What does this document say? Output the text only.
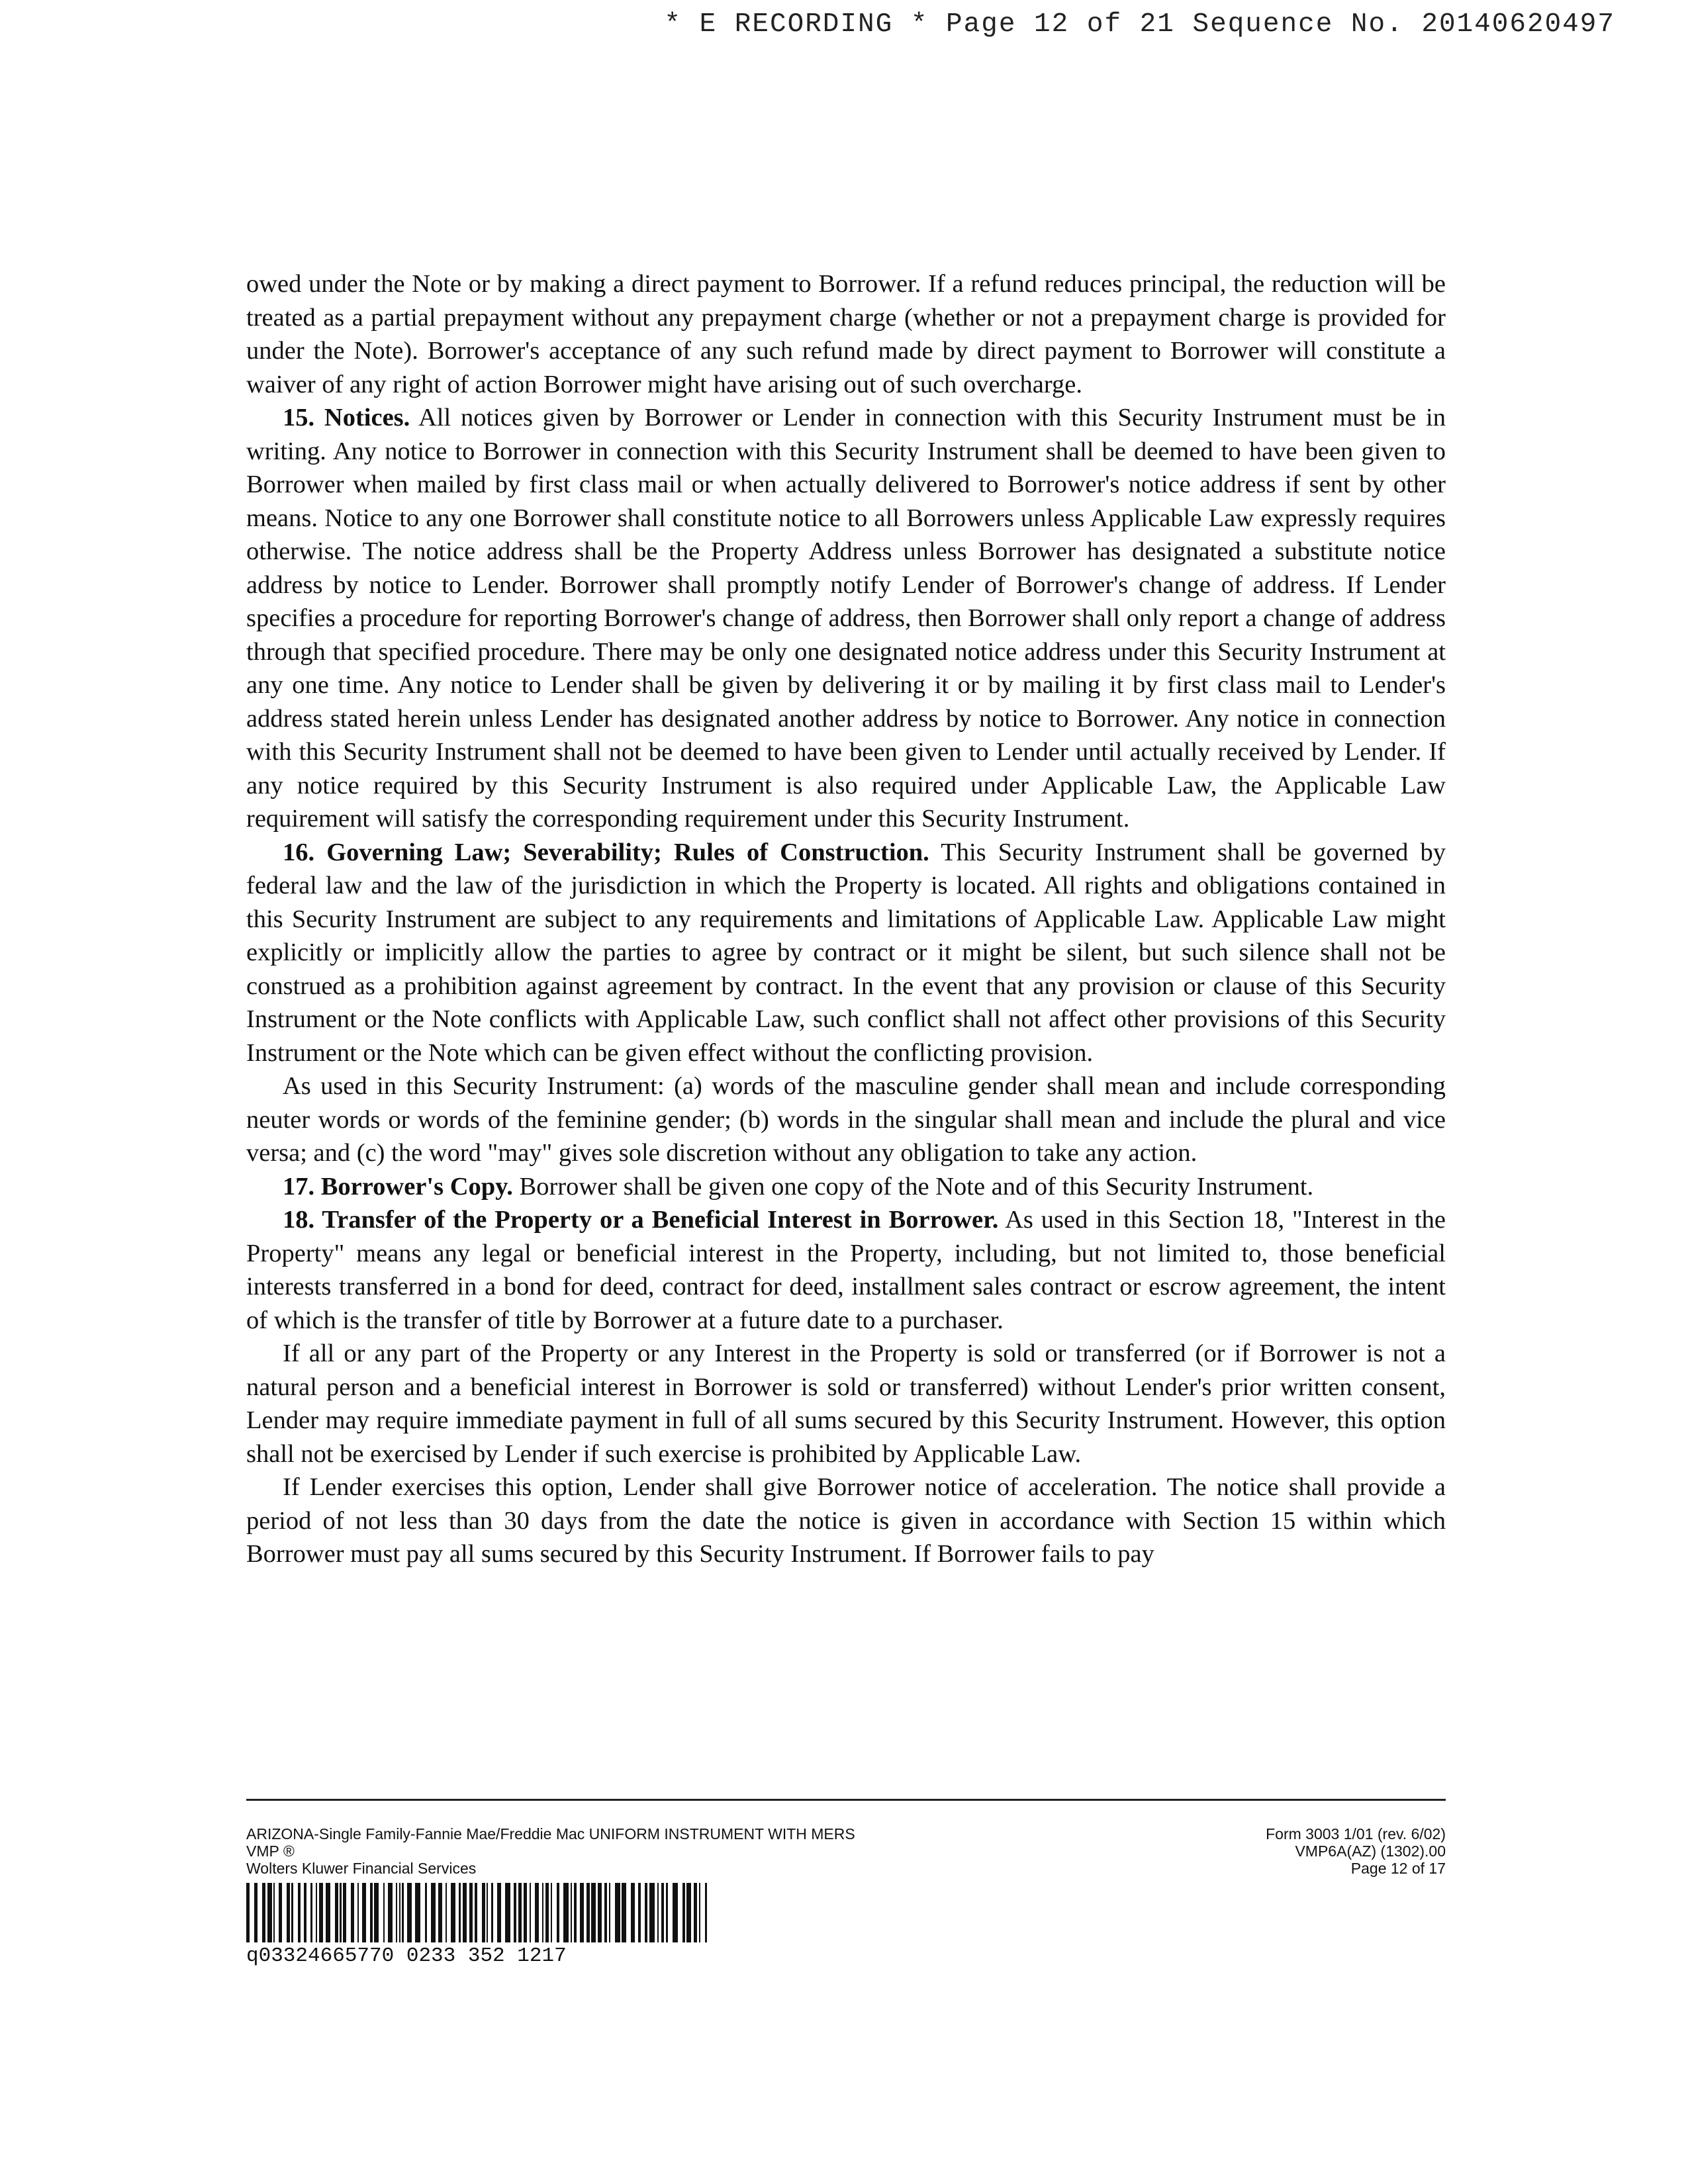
* E RECORDING * Page 12 of 21 Sequence No. 20140620497

owed under the Note or by making a direct payment to Borrower. If a refund reduces principal, the reduction will be treated as a partial prepayment without any prepayment charge (whether or not a prepayment charge is provided for under the Note). Borrower's acceptance of any such refund made by direct payment to Borrower will constitute a waiver of any right of action Borrower might have arising out of such overcharge.

15. Notices. All notices given by Borrower or Lender in connection with this Security Instrument must be in writing. Any notice to Borrower in connection with this Security Instrument shall be deemed to have been given to Borrower when mailed by first class mail or when actually delivered to Borrower's notice address if sent by other means. Notice to any one Borrower shall constitute notice to all Borrowers unless Applicable Law expressly requires otherwise. The notice address shall be the Property Address unless Borrower has designated a substitute notice address by notice to Lender. Borrower shall promptly notify Lender of Borrower's change of address. If Lender specifies a procedure for reporting Borrower's change of address, then Borrower shall only report a change of address through that specified procedure. There may be only one designated notice address under this Security Instrument at any one time. Any notice to Lender shall be given by delivering it or by mailing it by first class mail to Lender's address stated herein unless Lender has designated another address by notice to Borrower. Any notice in connection with this Security Instrument shall not be deemed to have been given to Lender until actually received by Lender. If any notice required by this Security Instrument is also required under Applicable Law, the Applicable Law requirement will satisfy the corresponding requirement under this Security Instrument.

16. Governing Law; Severability; Rules of Construction. This Security Instrument shall be governed by federal law and the law of the jurisdiction in which the Property is located. All rights and obligations contained in this Security Instrument are subject to any requirements and limitations of Applicable Law. Applicable Law might explicitly or implicitly allow the parties to agree by contract or it might be silent, but such silence shall not be construed as a prohibition against agreement by contract. In the event that any provision or clause of this Security Instrument or the Note conflicts with Applicable Law, such conflict shall not affect other provisions of this Security Instrument or the Note which can be given effect without the conflicting provision.

As used in this Security Instrument: (a) words of the masculine gender shall mean and include corresponding neuter words or words of the feminine gender; (b) words in the singular shall mean and include the plural and vice versa; and (c) the word "may" gives sole discretion without any obligation to take any action.

17. Borrower's Copy. Borrower shall be given one copy of the Note and of this Security Instrument.

18. Transfer of the Property or a Beneficial Interest in Borrower. As used in this Section 18, "Interest in the Property" means any legal or beneficial interest in the Property, including, but not limited to, those beneficial interests transferred in a bond for deed, contract for deed, installment sales contract or escrow agreement, the intent of which is the transfer of title by Borrower at a future date to a purchaser.

If all or any part of the Property or any Interest in the Property is sold or transferred (or if Borrower is not a natural person and a beneficial interest in Borrower is sold or transferred) without Lender's prior written consent, Lender may require immediate payment in full of all sums secured by this Security Instrument. However, this option shall not be exercised by Lender if such exercise is prohibited by Applicable Law.

If Lender exercises this option, Lender shall give Borrower notice of acceleration. The notice shall provide a period of not less than 30 days from the date the notice is given in accordance with Section 15 within which Borrower must pay all sums secured by this Security Instrument. If Borrower fails to pay

ARIZONA-Single Family-Fannie Mae/Freddie Mac UNIFORM INSTRUMENT WITH MERS
VMP ®
Wolters Kluwer Financial Services
Form 3003 1/01 (rev. 6/02)
VMP6A(AZ) (1302).00
Page 12 of 17
q03324665770 0233 352 1217
